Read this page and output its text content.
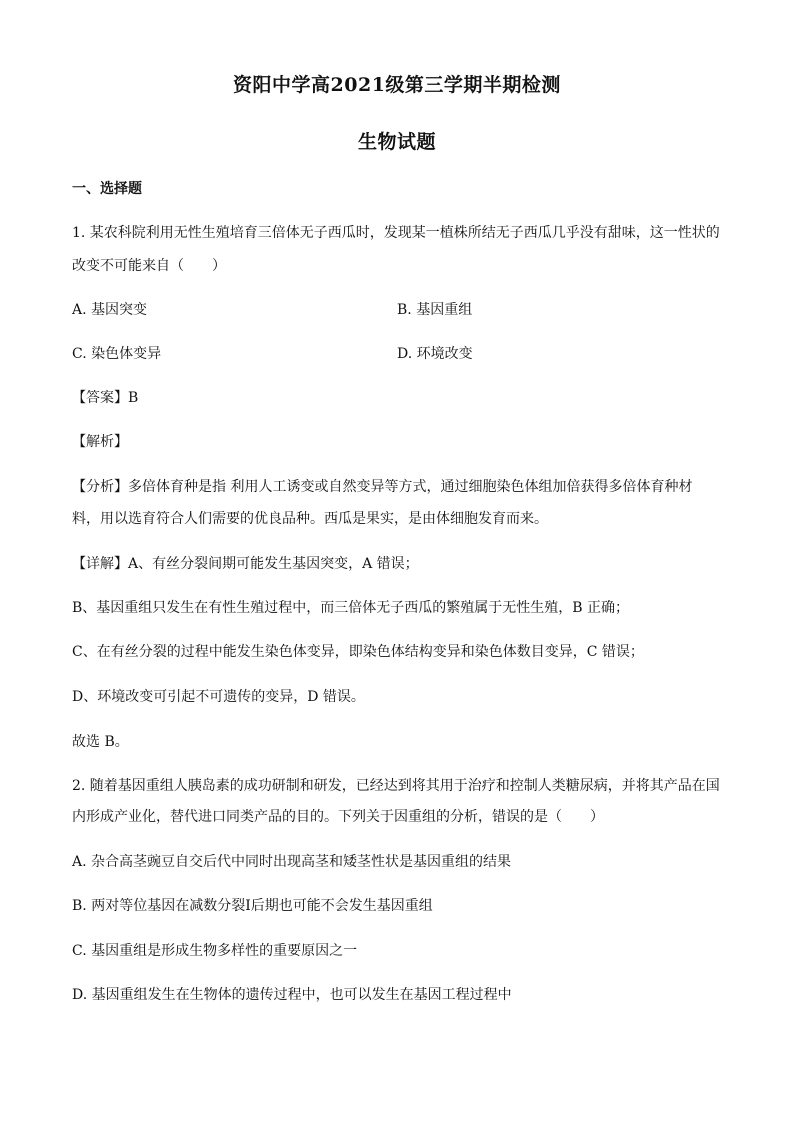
资阳中学高2021级第三学期半期检测
生物试题
一、选择题
1. 某农科院利用无性生殖培育三倍体无子西瓜时，发现某一植株所结无子西瓜几乎没有甜味，这一性状的
改变不可能来自（　　）
A. 基因突变	B. 基因重组
C. 染色体变异	D. 环境改变
【答案】B
【解析】
【分析】多倍体育种是指 利用人工诱变或自然变异等方式，通过细胞染色体组加倍获得多倍体育种材
料，用以选育符合人们需要的优良品种。西瓜是果实，是由体细胞发育而来。
【详解】A、有丝分裂间期可能发生基因突变，A 错误；
B、基因重组只发生在有性生殖过程中，而三倍体无子西瓜的繁殖属于无性生殖，B 正确；
C、在有丝分裂的过程中能发生染色体变异，即染色体结构变异和染色体数目变异，C 错误；
D、环境改变可引起不可遗传的变异，D 错误。
故选 B。
2. 随着基因重组人胰岛素的成功研制和研发，已经达到将其用于治疗和控制人类糖尿病，并将其产品在国
内形成产业化，替代进口同类产品的目的。下列关于因重组的分析，错误的是（　　）
A. 杂合高茎豌豆自交后代中同时出现高茎和矮茎性状是基因重组的结果
B. 两对等位基因在减数分裂Ⅰ后期也可能不会发生基因重组
C. 基因重组是形成生物多样性的重要原因之一
D. 基因重组发生在生物体的遗传过程中，也可以发生在基因工程过程中
